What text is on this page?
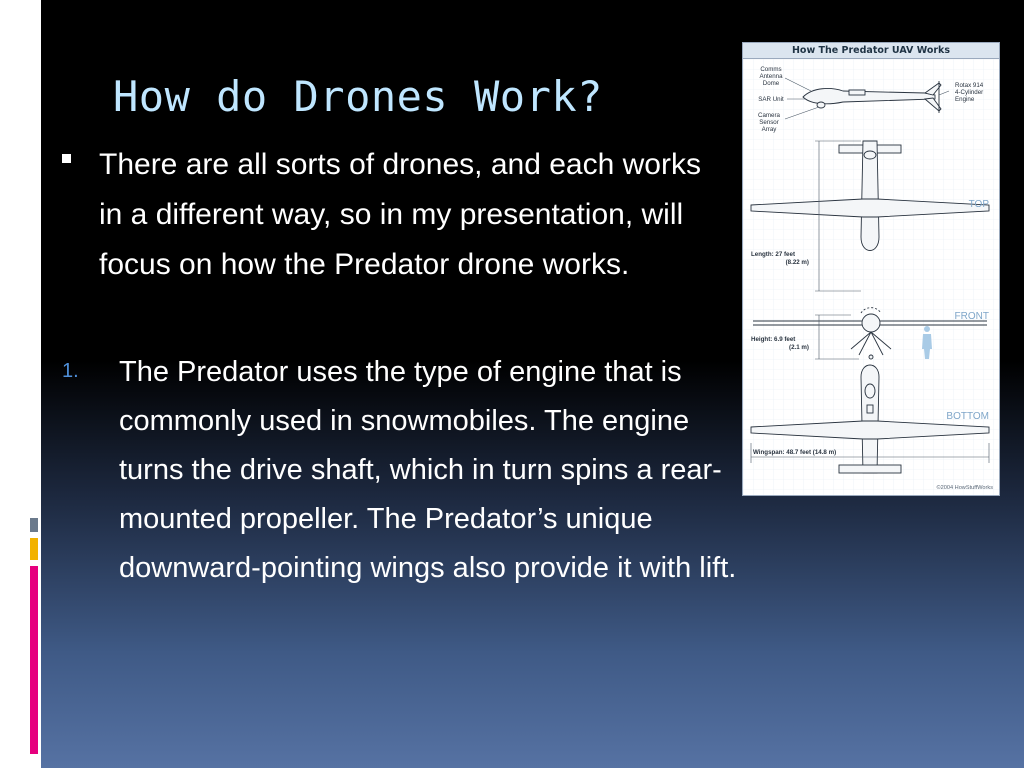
How do Drones Work?

There are all sorts of drones, and each works in a different way, so in my presentation, will focus on how the Predator drone works.

1. The Predator uses the type of engine that is commonly used in snowmobiles. The engine turns the drive shaft, which in turn spins a rear-mounted propeller. The Predator’s unique downward-pointing wings also provide it with lift.

How The Predator UAV Works
Comms
Antenna
Dome
SAR Unit
Camera
Sensor
Array
Rotax 914
4-Cylinder
Engine
TOP
FRONT
BOTTOM
Length: 27 feet
(8.22 m)
Height: 6.9 feet
(2.1 m)
Wingspan: 48.7 feet (14.8 m)
©2004 HowStuffWorks
